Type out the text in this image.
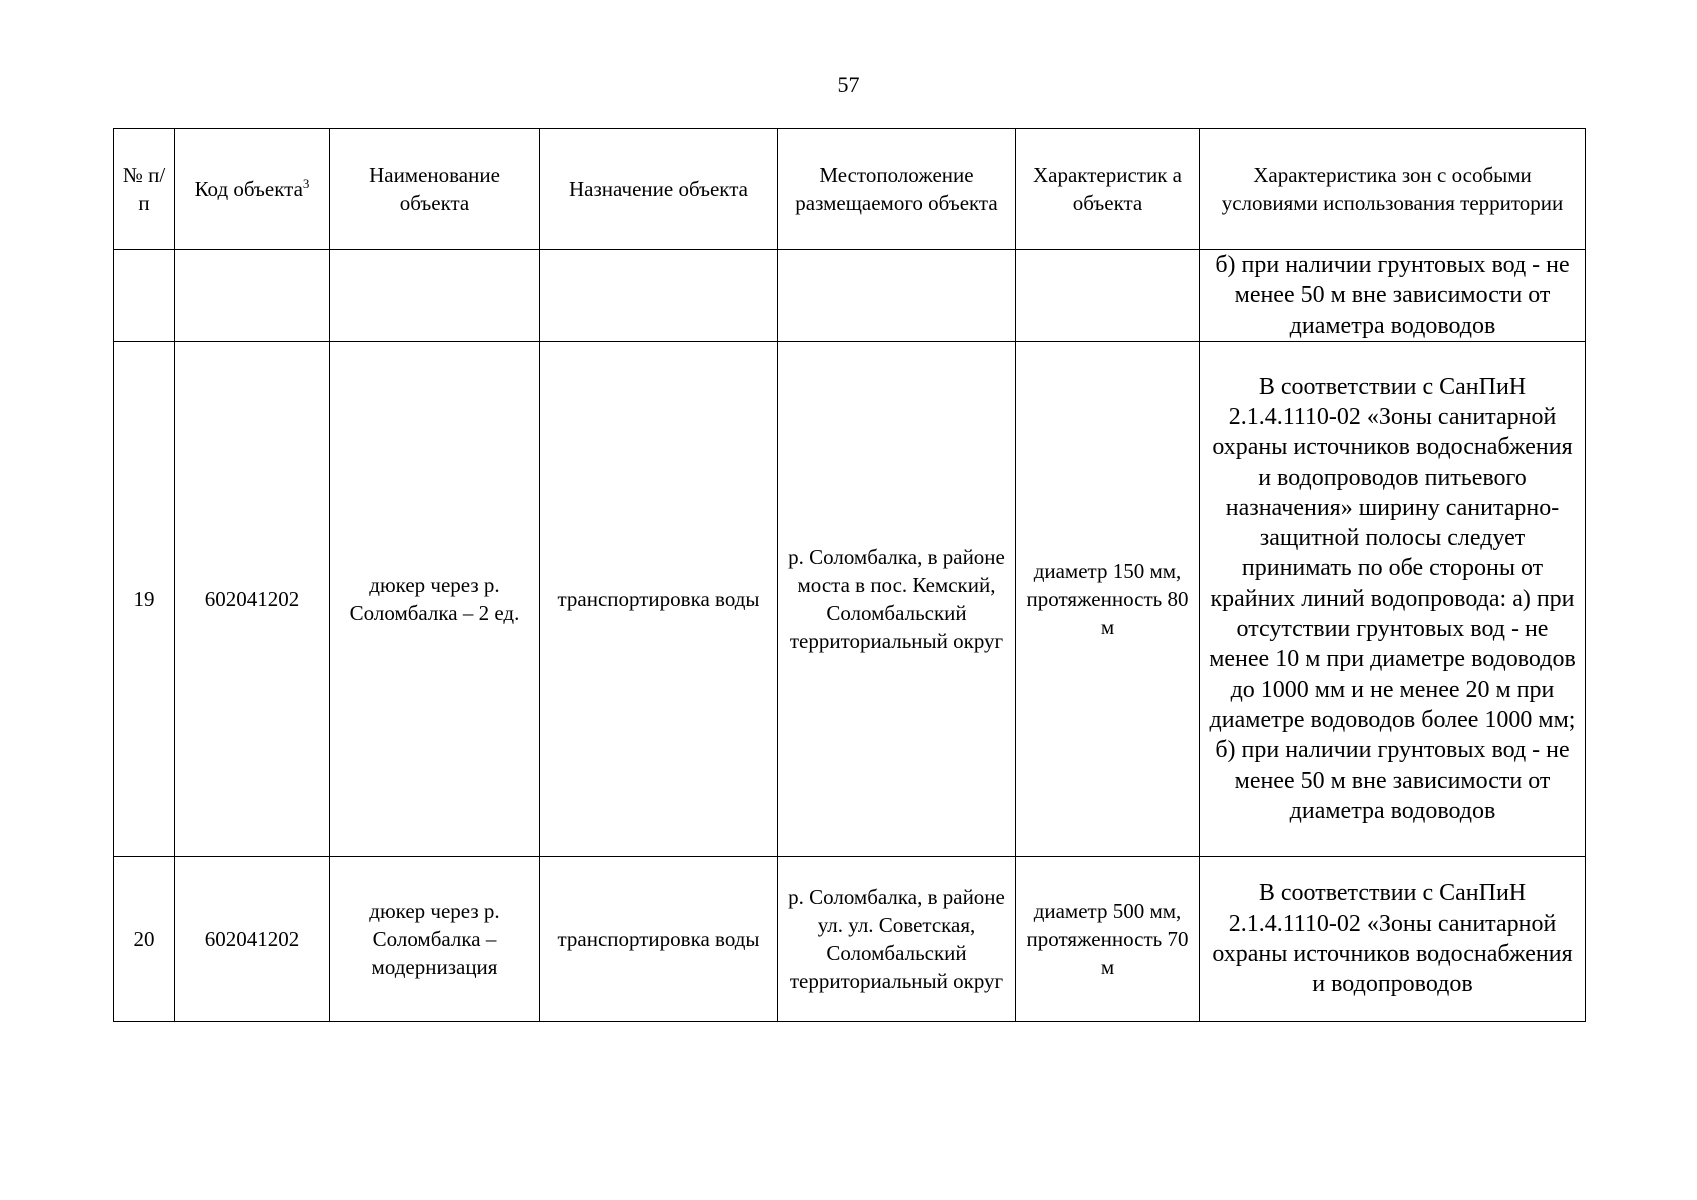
57
№ п/п	Код объекта$^3$	Наименование объекта	Назначение объекта	Местоположение размещаемого объекта	Характеристик а объекта	Характеристика зон с особыми условиями использования территории
						б) при наличии грунтовых вод - не менее 50 м вне зависимости от диаметра водоводов
19	602041202	дюкер через р. Соломбалка – 2 ед.	транспортировка воды	р. Соломбалка, в районе моста в пос. Кемский, Соломбальский территориальный округ	диаметр 150 мм, протяженность 80 м	В соответствии с СанПиН 2.1.4.1110-02 «Зоны санитарной охраны источников водоснабжения и водопроводов питьевого назначения» ширину санитарно-защитной полосы следует принимать по обе стороны от крайних линий водопровода: а) при отсутствии грунтовых вод - не менее 10 м при диаметре водоводов до 1000 мм и не менее 20 м при диаметре водоводов более 1000 мм; б) при наличии грунтовых вод - не менее 50 м вне зависимости от диаметра водоводов
20	602041202	дюкер через р. Соломбалка – модернизация	транспортировка воды	р. Соломбалка, в районе ул. ул. Советская, Соломбальский территориальный округ	диаметр 500 мм, протяженность 70 м	В соответствии с СанПиН 2.1.4.1110-02 «Зоны санитарной охраны источников водоснабжения и водопроводов
